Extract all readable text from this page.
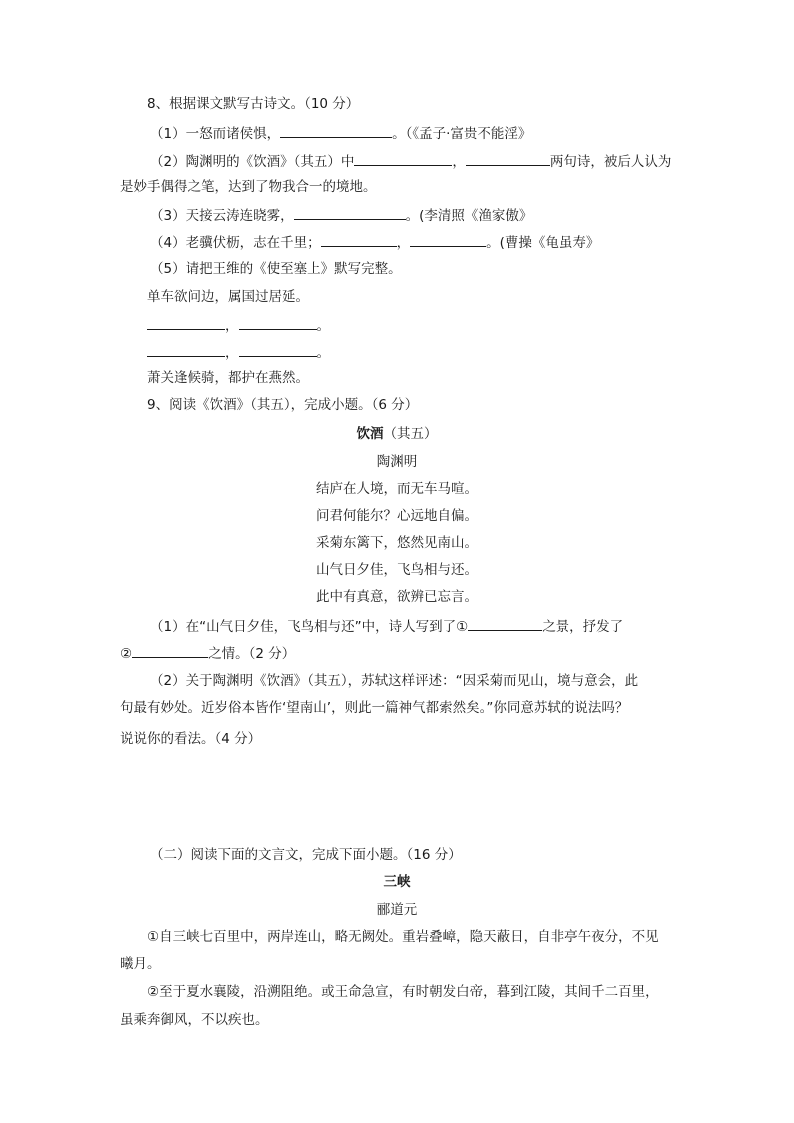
8、根据课文默写古诗文。（10 分）
（1）一怒而诸侯惧，	。（《孟子·富贵不能淫》
（2）陶渊明的《饮酒》（其五）中	，	两句诗，被后人认为
是妙手偶得之笔，达到了物我合一的境地。
（3）天接云涛连晓雾，	。(李清照《渔家傲》
（4）老骥伏枥，志在千里；	，	。(曹操《龟虽寿》
（5）请把王维的《使至塞上》默写完整。
单车欲问边，属国过居延。
，	。
，	。
萧关逢候骑，都护在燕然。
9、阅读《饮酒》（其五），完成小题。（6 分）
饮酒（其五）
陶渊明
结庐在人境，而无车马喧。
问君何能尔？心远地自偏。
采菊东篱下，悠然见南山。
山气日夕佳，飞鸟相与还。
此中有真意，欲辨已忘言。
（1）在“山气日夕佳，飞鸟相与还”中，诗人写到了①	之景，抒发了
②	之情。（2 分）
（2）关于陶渊明《饮酒》（其五），苏轼这样评述：“因采菊而见山，境与意会，此
句最有妙处。近岁俗本皆作‘望南山’，则此一篇神气都索然矣。”你同意苏轼的说法吗？
说说你的看法。（4 分）
（二）阅读下面的文言文，完成下面小题。（16 分）
三峡
郦道元
①自三峡七百里中，两岸连山，略无阙处。重岩叠嶂，隐天蔽日，自非亭午夜分，不见
曦月。
②至于夏水襄陵，沿溯阻绝。或王命急宣，有时朝发白帝，暮到江陵，其间千二百里，
虽乘奔御风，不以疾也。
